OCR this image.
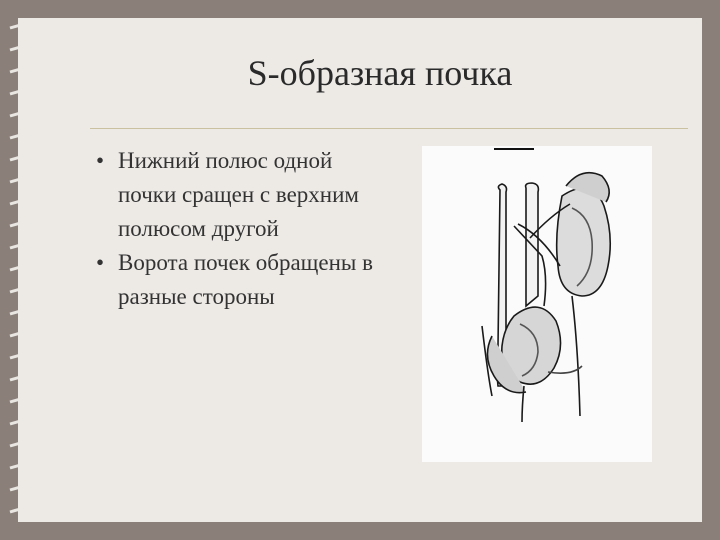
S-образная почка
• Нижний полюс одной почки сращен с верхним полюсом другой
• Ворота почек обращены в разные стороны
